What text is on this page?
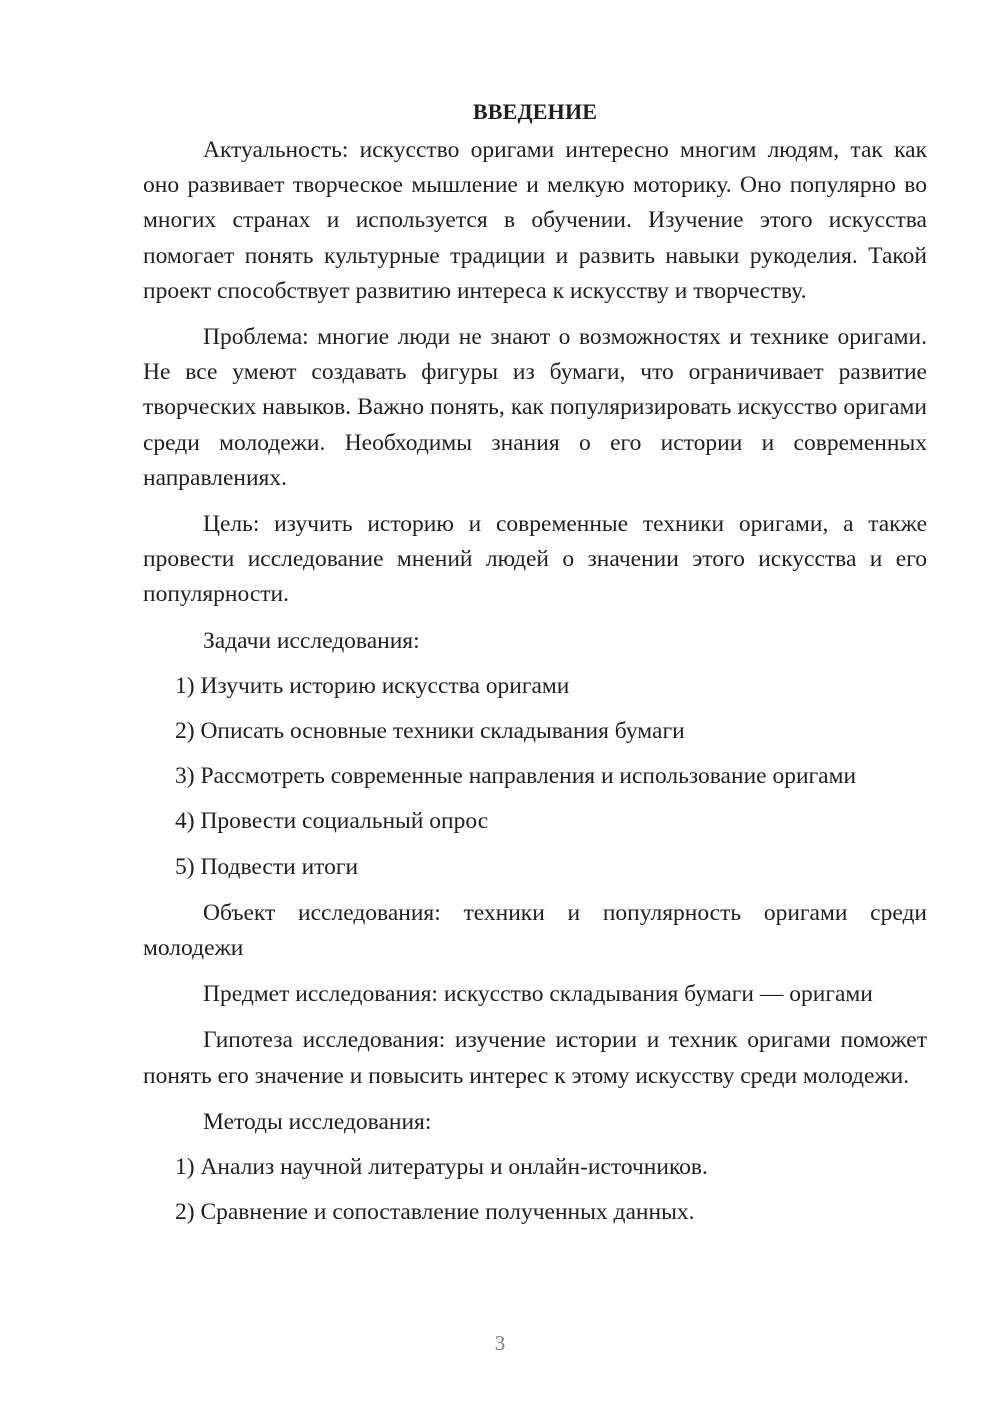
ВВЕДЕНИЕ

Актуальность: искусство оригами интересно многим людям, так как оно развивает творческое мышление и мелкую моторику. Оно популярно во многих странах и используется в обучении. Изучение этого искусства помогает понять культурные традиции и развить навыки рукоделия. Такой проект способствует развитию интереса к искусству и творчеству.

Проблема: многие люди не знают о возможностях и технике оригами. Не все умеют создавать фигуры из бумаги, что ограничивает развитие творческих навыков. Важно понять, как популяризировать искусство оригами среди молодежи. Необходимы знания о его истории и современных направлениях.

Цель: изучить историю и современные техники оригами, а также провести исследование мнений людей о значении этого искусства и его популярности.

Задачи исследования:

1) Изучить историю искусства оригами

2) Описать основные техники складывания бумаги

3) Рассмотреть современные направления и использование оригами

4) Провести социальный опрос

5) Подвести итоги

Объект исследования: техники и популярность оригами среди молодежи

Предмет исследования: искусство складывания бумаги — оригами

Гипотеза исследования: изучение истории и техник оригами поможет понять его значение и повысить интерес к этому искусству среди молодежи.

Методы исследования:

1) Анализ научной литературы и онлайн-источников.

2) Сравнение и сопоставление полученных данных.

3
